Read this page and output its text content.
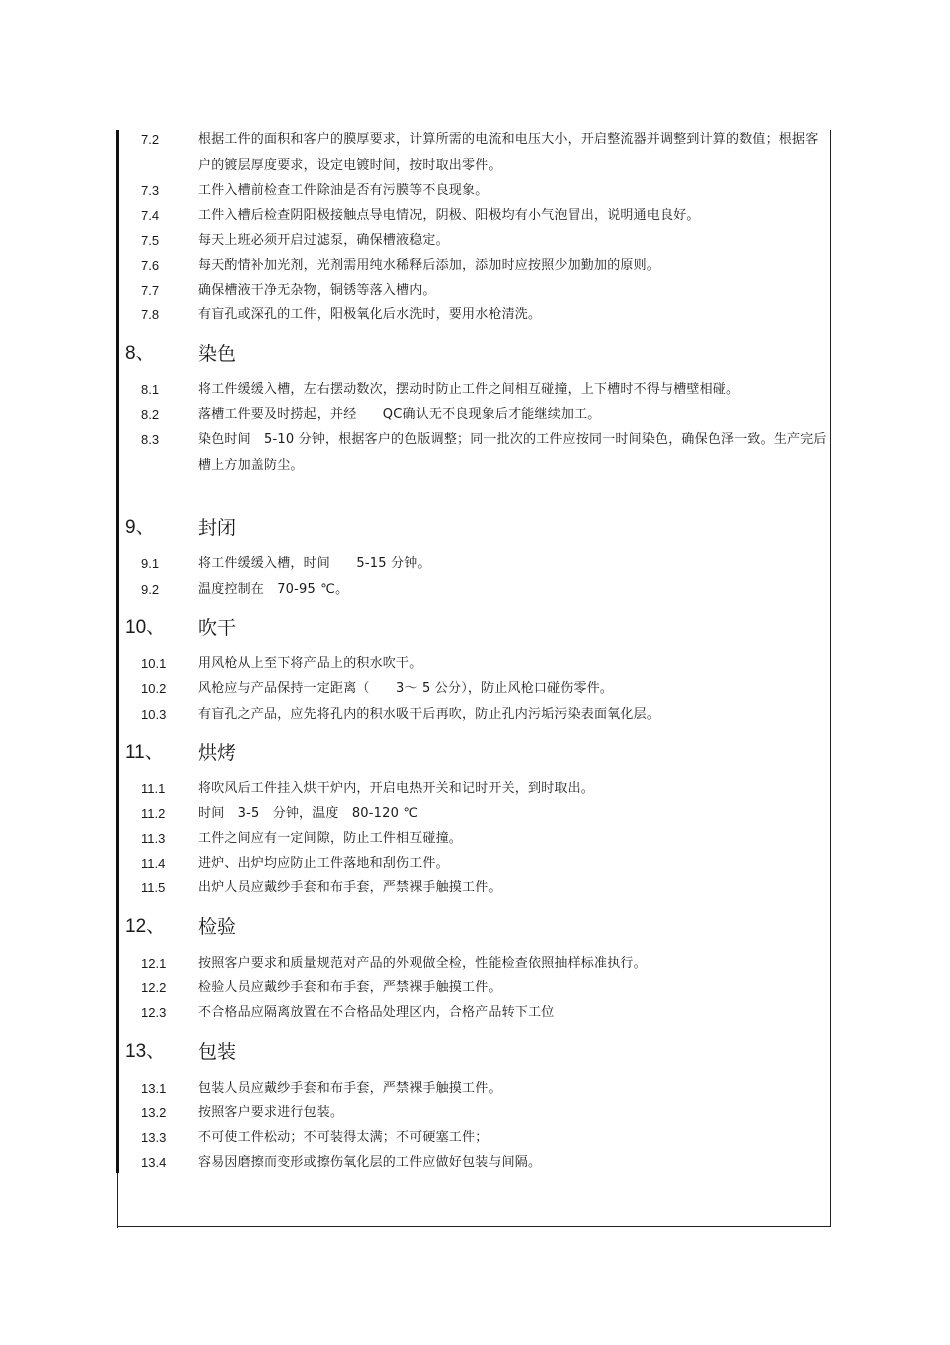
7.2	根据工件的面积和客户的膜厚要求，计算所需的电流和电压大小，开启整流器并调整到计算的数值；根据客户的镀层厚度要求，设定电镀时间，按时取出零件。
7.3	工件入槽前检查工件除油是否有污膜等不良现象。
7.4	工件入槽后检查阴阳极接触点导电情况，阴极、阳极均有小气泡冒出，说明通电良好。
7.5	每天上班必须开启过滤泵，确保槽液稳定。
7.6	每天酌情补加光剂，光剂需用纯水稀释后添加，添加时应按照少加勤加的原则。
7.7	确保槽液干净无杂物，铜锈等落入槽内。
7.8	有盲孔或深孔的工件，阳极氧化后水洗时，要用水枪清洗。
8、 染色
8.1	将工件缓缓入槽，左右摆动数次，摆动时防止工件之间相互碰撞，上下槽时不得与槽壁相碰。
8.2	落槽工件要及时捞起，并经　　QC确认无不良现象后才能继续加工。
8.3	染色时间　5-10 分钟，根据客户的色版调整；同一批次的工件应按同一时间染色，确保色泽一致。生产完后槽上方加盖防尘。
9、 封闭
9.1	将工件缓缓入槽，时间　　5-15 分钟。
9.2	温度控制在　70-95 ℃。
10、 吹干
10.1	用风枪从上至下将产品上的积水吹干。
10.2	风枪应与产品保持一定距离（　　3～ 5 公分），防止风枪口碰伤零件。
10.3	有盲孔之产品，应先将孔内的积水吸干后再吹，防止孔内污垢污染表面氧化层。
11、 烘烤
11.1	将吹风后工件挂入烘干炉内，开启电热开关和记时开关，到时取出。
11.2	时间　3-5　分钟，温度　80-120 ℃
11.3	工件之间应有一定间隙，防止工件相互碰撞。
11.4	进炉、出炉均应防止工件落地和刮伤工件。
11.5	出炉人员应戴纱手套和布手套，严禁裸手触摸工件。
12、 检验
12.1	按照客户要求和质量规范对产品的外观做全检，性能检查依照抽样标准执行。
12.2	检验人员应戴纱手套和布手套，严禁裸手触摸工件。
12.3	不合格品应隔离放置在不合格品处理区内，合格产品转下工位
13、 包装
13.1	包装人员应戴纱手套和布手套，严禁裸手触摸工件。
13.2	按照客户要求进行包装。
13.3	不可使工件松动；不可装得太满；不可硬塞工件；
13.4	容易因磨擦而变形或擦伤氧化层的工件应做好包装与间隔。
